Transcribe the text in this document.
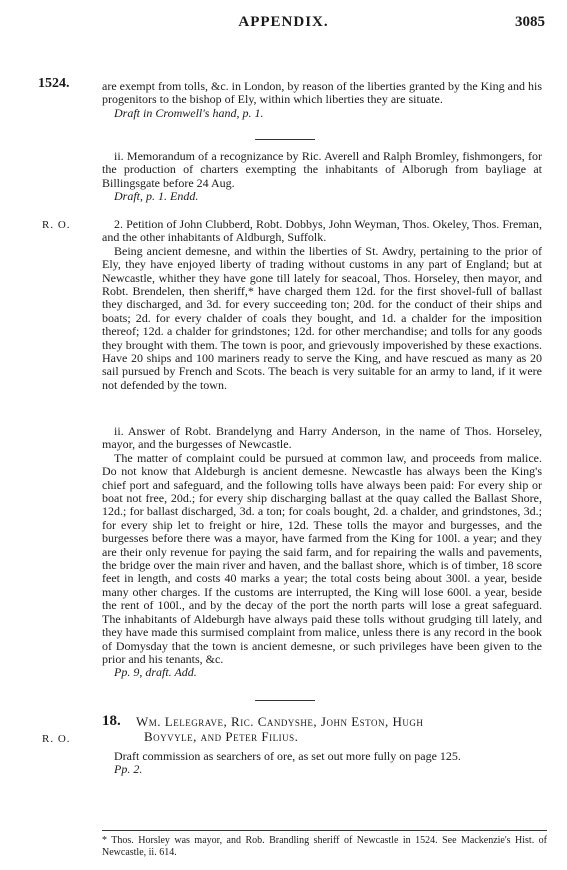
APPENDIX.	3085
1524.	are exempt from tolls, &c. in London, by reason of the liberties granted by the King and his progenitors to the bishop of Ely, within which liberties they are situate.

Draft in Cromwell's hand, p. 1.

ii. Memorandum of a recognizance by Ric. Averell and Ralph Bromley, fishmongers, for the production of charters exempting the inhabitants of Alborugh from bayliage at Billingsgate before 24 Aug.

Draft, p. 1. Endd.

R. O.	2. Petition of John Clubberd, Robt. Dobbys, John Weyman, Thos. Okeley, Thos. Freman, and the other inhabitants of Aldburgh, Suffolk.

Being ancient demesne, and within the liberties of St. Awdry, pertaining to the prior of Ely, they have enjoyed liberty of trading without customs in any part of England; but at Newcastle, whither they have gone till lately for seacoal, Thos. Horseley, then mayor, and Robt. Brendelen, then sheriff,* have charged them 12d. for the first shovel-full of ballast they discharged, and 3d. for every succeeding ton; 20d. for the conduct of their ships and boats; 2d. for every chalder of coals they bought, and 1d. a chalder for the imposition thereof; 12d. a chalder for grindstones; 12d. for other merchandise; and tolls for any goods they brought with them. The town is poor, and grievously impoverished by these exactions. Have 20 ships and 100 mariners ready to serve the King, and have rescued as many as 20 sail pursued by French and Scots. The beach is very suitable for an army to land, if it were not defended by the town.

ii. Answer of Robt. Brandelyng and Harry Anderson, in the name of Thos. Horseley, mayor, and the burgesses of Newcastle.

The matter of complaint could be pursued at common law, and proceeds from malice. Do not know that Aldeburgh is ancient demesne. Newcastle has always been the King's chief port and safeguard, and the following tolls have always been paid: For every ship or boat not free, 20d.; for every ship discharging ballast at the quay called the Ballast Shore, 12d.; for ballast discharged, 3d. a ton; for coals bought, 2d. a chalder, and grindstones, 3d.; for every ship let to freight or hire, 12d. These tolls the mayor and burgesses, and the burgesses before there was a mayor, have farmed from the King for 100l. a year; and they are their only revenue for paying the said farm, and for repairing the walls and pavements, the bridge over the main river and haven, and the ballast shore, which is of timber, 18 score feet in length, and costs 40 marks a year; the total costs being about 300l. a year, beside many other charges. If the customs are interrupted, the King will lose 600l. a year, beside the rent of 100l., and by the decay of the port the north parts will lose a great safeguard. The inhabitants of Aldeburgh have always paid these tolls without grudging till lately, and they have made this surmised complaint from malice, unless there is any record in the book of Domysday that the town is ancient demesne, or such privileges have been given to the prior and his tenants, &c.

Pp. 9, draft. Add.

18.
R. O.

Wm. Lelegrave, Ric. Candyshe, John Eston, Hugh

Boyvyle, and Peter Filius.

Draft commission as searchers of ore, as set out more fully on page 125.

Pp. 2.

* Thos. Horsley was mayor, and Rob. Brandling sheriff of Newcastle in 1524. See Mackenzie's Hist. of Newcastle, ii. 614.
